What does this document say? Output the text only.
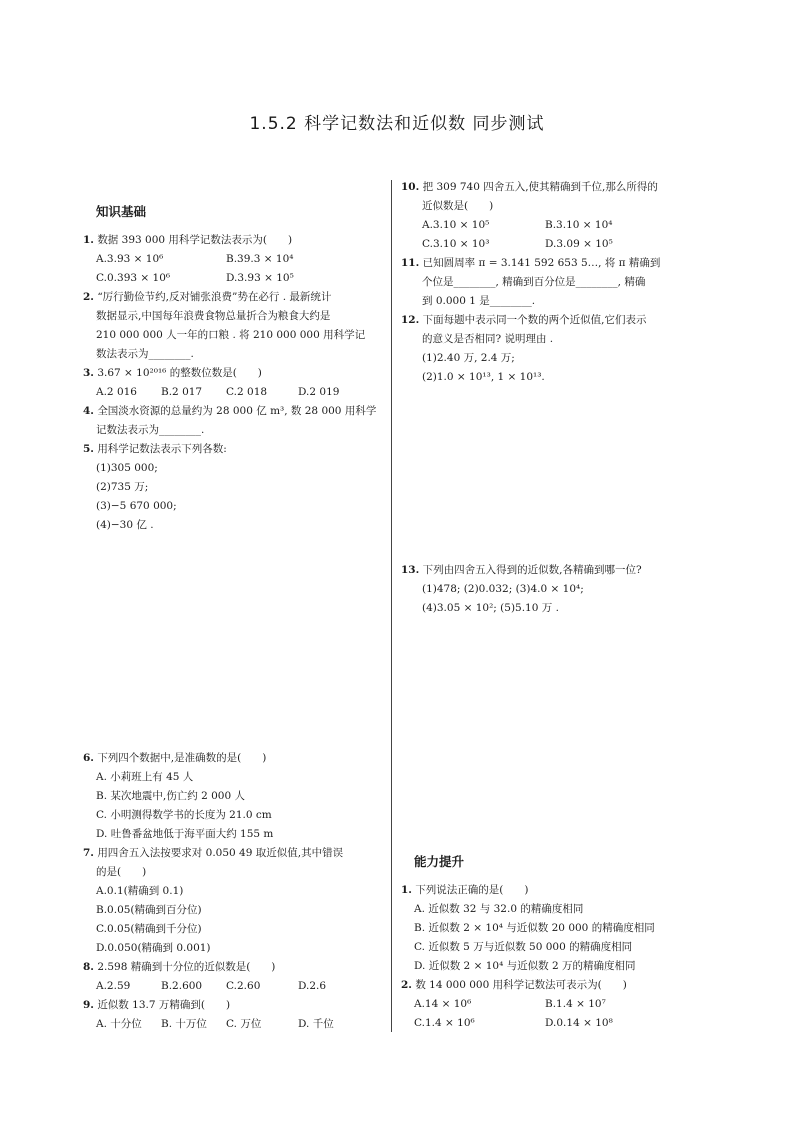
1.5.2 科学记数法和近似数 同步测试
知识基础
1. 数据 393 000 用科学记数法表示为(　　)
A.3.93 × 10⁶	B.39.3 × 10⁴
C.0.393 × 10⁶	D.3.93 × 10⁵
2. “厉行勤俭节约,反对铺张浪费”势在必行 . 最新统计
数据显示,中国每年浪费食物总量折合为粮食大约是
210 000 000 人一年的口粮 . 将 210 000 000 用科学记
数法表示为________.
3. 3.67 × 10²⁰¹⁶ 的整数位数是(　　)
A.2 016 B.2 017 C.2 018	D.2 019
4. 全国淡水资源的总量约为 28 000 亿 m³, 数 28 000 用科学
记数法表示为________.
5. 用科学记数法表示下列各数:
(1)305 000;
(2)735 万;
(3)−5 670 000;
(4)−30 亿 .
6. 下列四个数据中,是准确数的是(　　)
A. 小莉班上有 45 人
B. 某次地震中,伤亡约 2 000 人
C. 小明测得数学书的长度为 21.0 cm
D. 吐鲁番盆地低于海平面大约 155 m
7. 用四舍五入法按要求对 0.050 49 取近似值,其中错误
的是(　　)
A.0.1(精确到 0.1)
B.0.05(精确到百分位)
C.0.05(精确到千分位)
D.0.050(精确到 0.001)
8. 2.598 精确到十分位的近似数是(　　)
A.2.59	B.2.600 C.2.60	D.2.6
9. 近似数 13.7 万精确到(　　)
A. 十分位 B. 十万位 C. 万位	D. 千位
10. 把 309 740 四舍五入,使其精确到千位,那么所得的
近似数是(　　)
A.3.10 × 10⁵	B.3.10 × 10⁴
C.3.10 × 10³	D.3.09 × 10⁵
11. 已知圆周率 π = 3.141 592 653 5…, 将 π 精确到
个位是________, 精确到百分位是________, 精确
到 0.000 1 是________.
12. 下面每题中表示同一个数的两个近似值,它们表示
的意义是否相同? 说明理由 .
(1)2.40 万, 2.4 万;
(2)1.0 × 10¹³, 1 × 10¹³.
13. 下列由四舍五入得到的近似数,各精确到哪一位?
(1)478; (2)0.032; (3)4.0 × 10⁴;
(4)3.05 × 10²; (5)5.10 万 .
能力提升
1. 下列说法正确的是(　　)
A. 近似数 32 与 32.0 的精确度相同
B. 近似数 2 × 10⁴ 与近似数 20 000 的精确度相同
C. 近似数 5 万与近似数 50 000 的精确度相同
D. 近似数 2 × 10⁴ 与近似数 2 万的精确度相同
2. 数 14 000 000 用科学记数法可表示为(　　)
A.14 × 10⁶	B.1.4 × 10⁷
C.1.4 × 10⁶	D.0.14 × 10⁸
